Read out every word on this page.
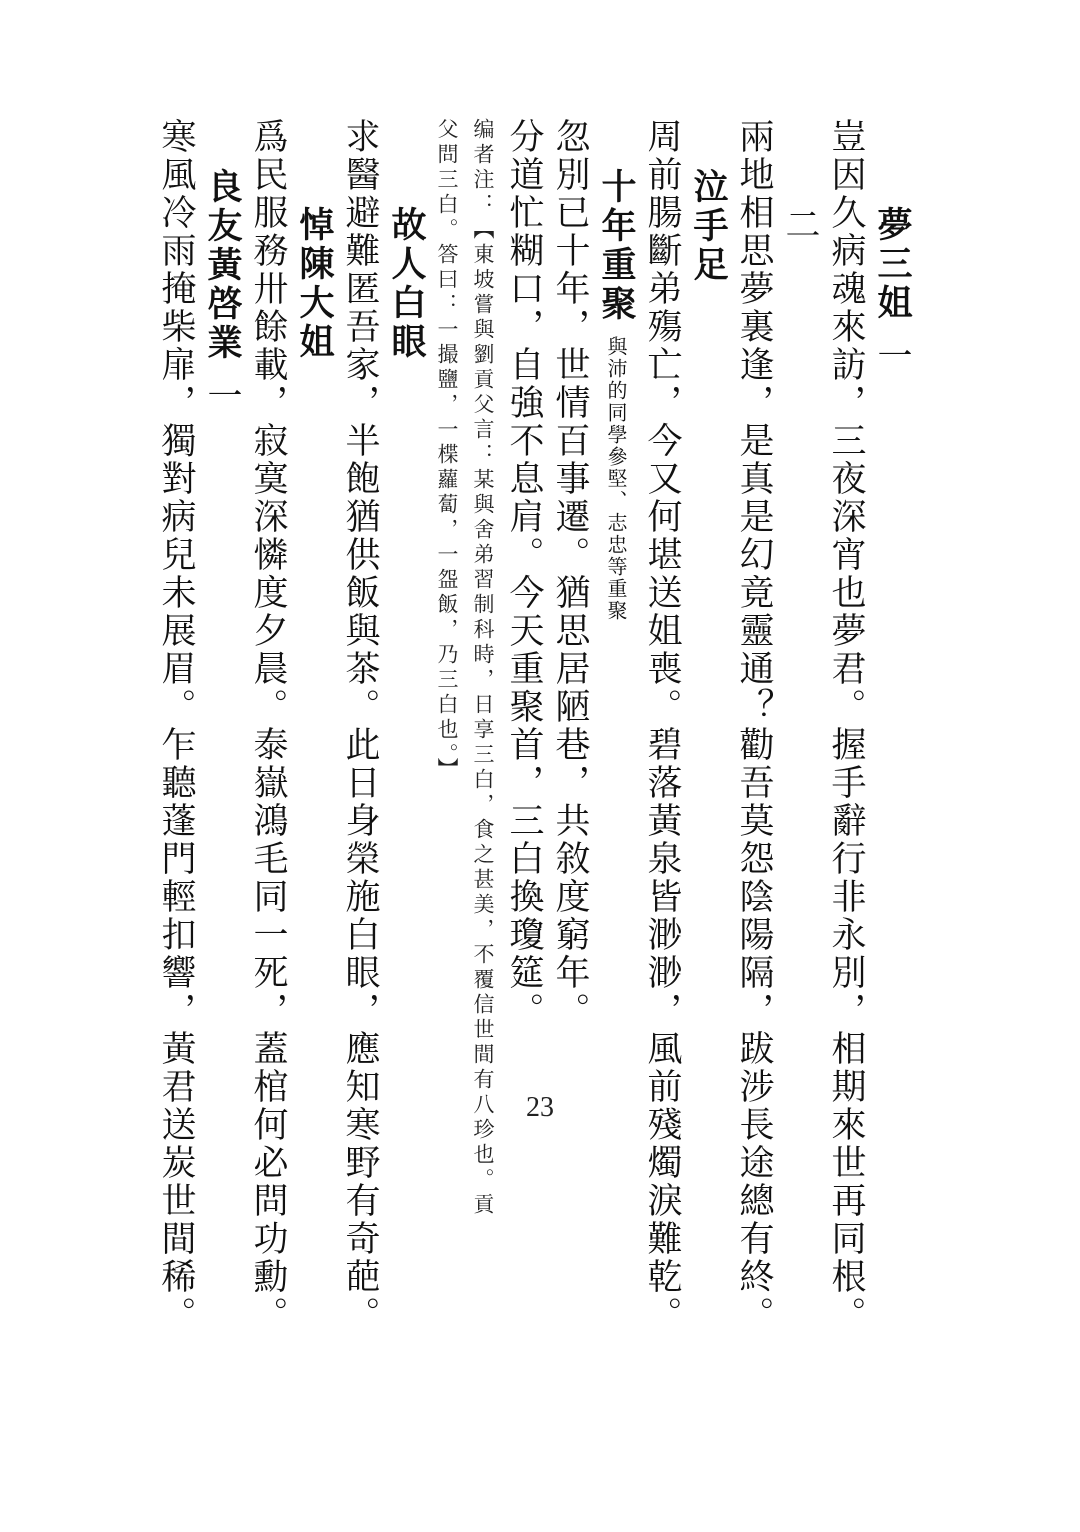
夢三姐一
豈因久病魂來訪，三夜深宵也夢君。握手辭行非永別，相期來世再同根。
二
兩地相思夢裏逢，是真是幻竟靈通？勸吾莫怨陰陽隔，跋涉長途總有終。
泣手足
周前腸斷弟殤亡，今又何堪送姐喪。碧落黃泉皆渺渺，風前殘燭淚難乾。
十年重聚與沛的同學參堅、志忠等重聚
忽別已十年，世情百事遷。猶思居陋巷，共敘度窮年。
分道忙糊口，自強不息肩。今天重聚首，三白換瓊筵。
编者注：【東坡嘗與劉貢父言：某與舍弟習制科時，日享三白，食之甚美，不覆信世間有八珍也。貢
父問三白。答曰：一撮鹽，一楪蘿蔔，一盌飯，乃三白也。】
故人白眼
求醫避難匿吾家，半飽猶供飯與茶。此日身榮施白眼，應知寒野有奇葩。
悼陳大姐
爲民服務卅餘載，寂寞深憐度夕晨。泰嶽鴻毛同一死，蓋棺何必問功勳。
良友黃啓業一
寒風冷雨掩柴扉，獨對病兒未展眉。乍聽蓬門輕扣響，黃君送炭世間稀。	23
